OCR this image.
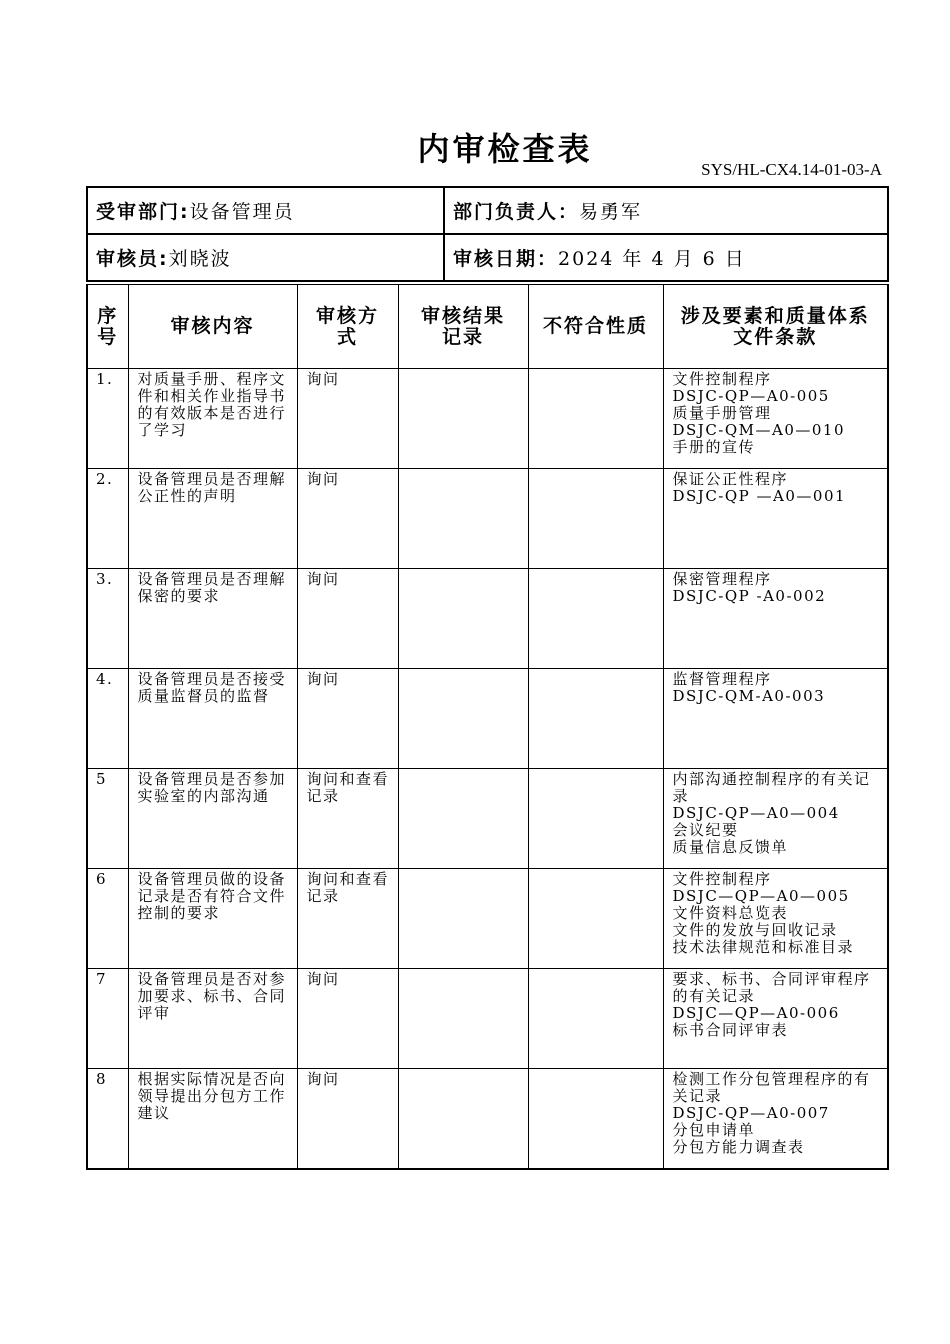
内审检查表
SYS/HL-CX4.14-01-03-A
受审部门:设备管理员	部门负责人：易勇军
审核员:刘晓波	审核日期：2024 年 4 月 6 日
序号	审核内容	审核方式	审核结果记录	不符合性质	涉及要素和质量体系文件条款
1.	对质量手册、程序文件和相关作业指导书的有效版本是否进行了学习	询问			文件控制程序
DSJC-QP—A0-005
质量手册管理
DSJC-QM—A0—010
手册的宣传

2.	设备管理员是否理解公正性的声明	询问			保证公正性程序
DSJC-QP —A0—001

3.	设备管理员是否理解保密的要求	询问			保密管理程序
DSJC-QP -A0-002

4.	设备管理员是否接受质量监督员的监督	询问			监督管理程序
DSJC-QM-A0-003

5	设备管理员是否参加实验室的内部沟通	询问和查看记录			内部沟通控制程序的有关记录
DSJC-QP—A0—004
会议纪要
质量信息反馈单

6	设备管理员做的设备记录是否有符合文件控制的要求	询问和查看记录			文件控制程序
DSJC—QP—A0—005
文件资料总览表
文件的发放与回收记录
技术法律规范和标准目录

7	设备管理员是否对参加要求、标书、合同评审	询问			要求、标书、合同评审程序的有关记录
DSJC—QP—A0-006
标书合同评审表

8	根据实际情况是否向领导提出分包方工作建议	询问			检测工作分包管理程序的有关记录
DSJC-QP—A0-007
分包申请单
分包方能力调查表
